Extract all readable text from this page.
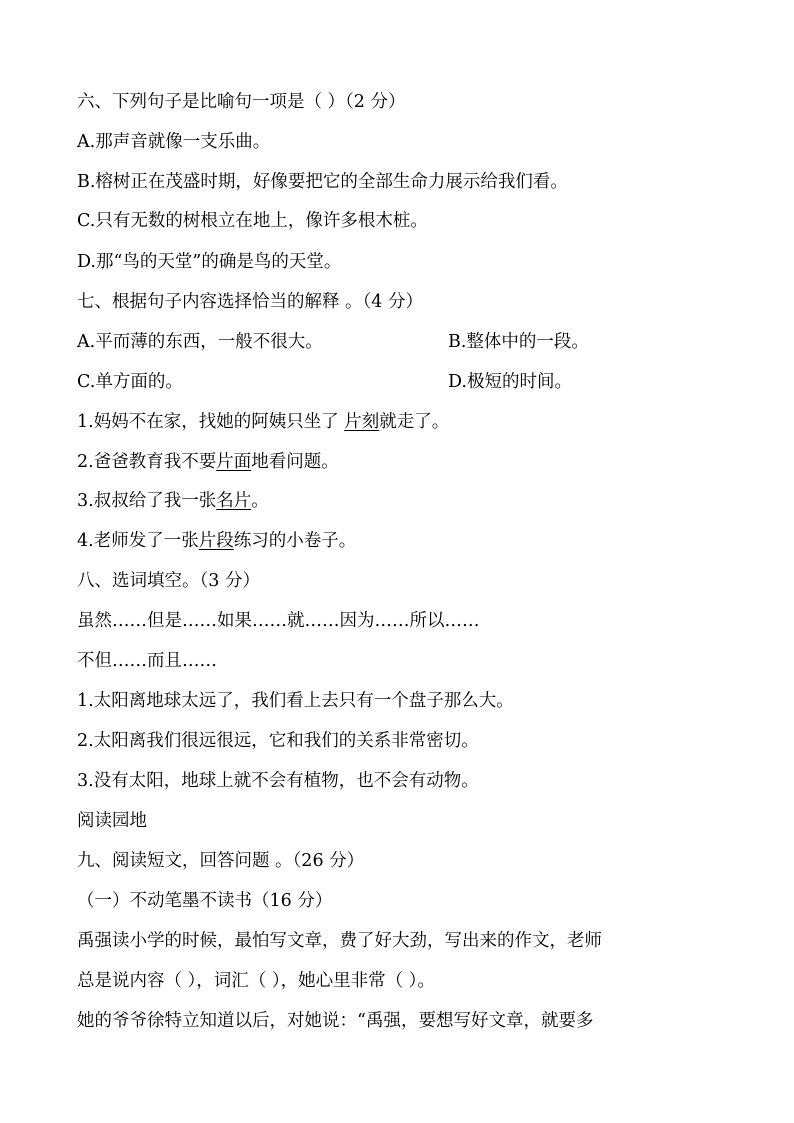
六、下列句子是比喻句一项是（ ）（2 分）
A.那声音就像一支乐曲。
B.榕树正在茂盛时期，好像要把它的全部生命力展示给我们看。
C.只有无数的树根立在地上，像许多根木桩。
D.那“鸟的天堂”的确是鸟的天堂。
七、根据句子内容选择恰当的解释 。（4 分）
A.平而薄的东西，一般不很大。	B.整体中的一段。
C.单方面的。	D.极短的时间。
1.妈妈不在家，找她的阿姨只坐了 片刻就走了。
2.爸爸教育我不要片面地看问题。
3.叔叔给了我一张名片。
4.老师发了一张片段练习的小卷子。
八、选词填空。（3 分）
虽然……但是……如果……就……因为……所以……
不但……而且……
1.太阳离地球太远了，我们看上去只有一个盘子那么大。
2.太阳离我们很远很远，它和我们的关系非常密切。
3.没有太阳，地球上就不会有植物，也不会有动物。
阅读园地
九、阅读短文，回答问题 。（26 分）
（一）不动笔墨不读书（16 分）
禹强读小学的时候，最怕写文章，费了好大劲，写出来的作文，老师
总是说内容（ ），词汇（ ），她心里非常（ ）。
她的爷爷徐特立知道以后，对她说：“禹强，要想写好文章，就要多
